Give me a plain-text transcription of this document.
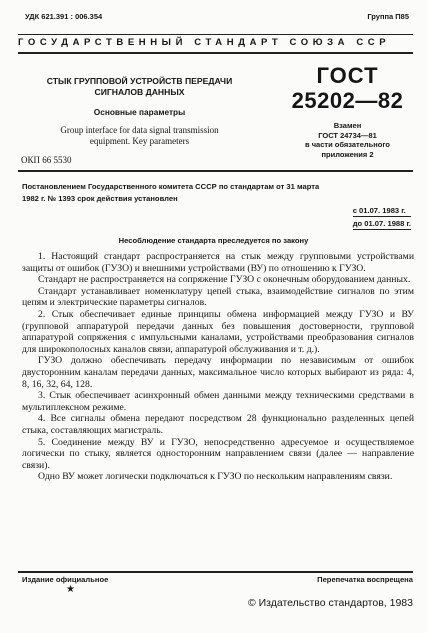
УДК 621.391 : 006.354	Группа П85
ГОСУДАРСТВЕННЫЙ СТАНДАРТ СОЮЗА ССР
СТЫК ГРУППОВОЙ УСТРОЙСТВ ПЕРЕДАЧИ
СИГНАЛОВ ДАННЫХ
Основные параметры
Group interface for data signal transmission
equipment. Key parameters
ГОСТ
25202—82
Взамен
ГОСТ 24734—81
в части обязательного
приложения 2
ОКП 66 5530
Постановлением Государственного комитета СССР по стандартам от 31 марта
1982 г. № 1393 срок действия установлен
с 01.07. 1983 г.
до 01.07. 1988 г.
Несоблюдение стандарта преследуется по закону

1. Настоящий стандарт распространяется на стык между групповыми устройствами защиты от ошибок (ГУЗО) и внешними устройствами (ВУ) по отношению к ГУЗО.

Стандарт не распространяется на сопряжение ГУЗО с оконечным оборудованием данных.

Стандарт устанавливает номенклатуру цепей стыка, взаимодействие сигналов по этим цепям и электрические параметры сигналов.

2. Стык обеспечивает единые принципы обмена информацией между ГУЗО и ВУ (групповой аппаратурой передачи данных без повышения достоверности, групповой аппаратурой сопряжения с импульсными каналами, устройствами преобразования сигналов для широкополосных каналов связи, аппаратурой обслуживания и т. д.).

ГУЗО должно обеспечивать передачу информации по независимым от ошибок двусторонним каналам передачи данных, максимальное число которых выбирают из ряда: 4, 8, 16, 32, 64, 128.

3. Стык обеспечивает асинхронный обмен данными между техническими средствами в мультиплексном режиме.

4. Все сигналы обмена передают посредством 28 функционально разделенных цепей стыка, составляющих магистраль.

5. Соединение между ВУ и ГУЗО, непосредственно адресуемое и осуществляемое логически по стыку, является односторонним направлением связи (далее — направление связи).

Одно ВУ может логически подключаться к ГУЗО по нескольким направлениям связи.

Издание официальное	Перепечатка воспрещена
★
© Издательство стандартов, 1983
